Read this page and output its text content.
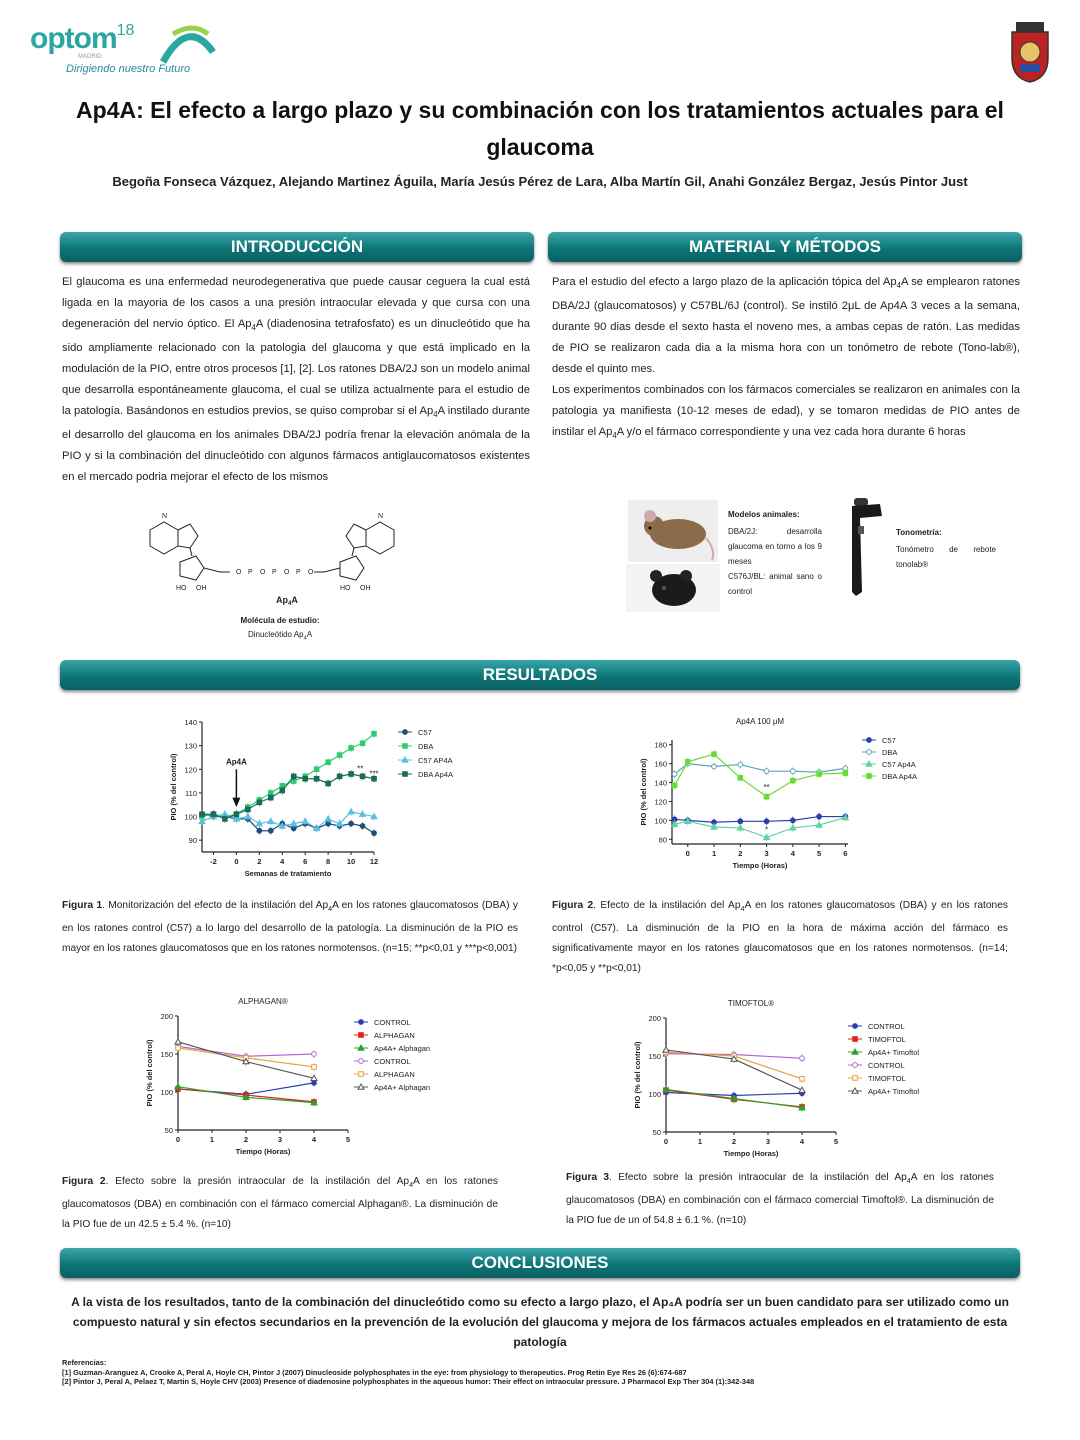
optom18
MADRID
Dirigiendo nuestro Futuro
Ap4A: El efecto a largo plazo y su combinación con los tratamientos actuales para el glaucoma
Begoña Fonseca Vázquez, Alejando Martinez Águila, María Jesús Pérez de Lara, Alba Martín Gil, Anahi González Bergaz, Jesús Pintor Just
INTRODUCCIÓN	MATERIAL Y MÉTODOS
El glaucoma es una enfermedad neurodegenerativa que puede causar ceguera la cual está ligada en la mayoria de los casos a una presión intraocular elevada y que cursa con una degeneración del nervio óptico. El $Ap_4A$ (diadenosina tetrafosfato) es un dinucleótido que ha sido ampliamente relacionado con la patologia del glaucoma y que está implicado en la modulación de la PIO, entre otros procesos [1], [2]. Los ratones DBA/2J son un modelo animal que desarrolla espontáneamente glaucoma, el cual se utiliza actualmente para el estudio de la patología. Basándonos en estudios previos, se quiso comprobar si el $Ap_4A$ instilado durante el desarrollo del glaucoma en los animales DBA/2J podría frenar la elevación anómala de la PIO y si la combinación del dinucleótido con algunos fármacos antiglaucomatosos existentes en el mercado podria mejorar el efecto de los mismos
O P O P O P O
N	N
HO OH	HO OH
$Ap_4A$
Molécula de estudio:
Dinucleótido $Ap_4A$
Para el estudio del efecto a largo plazo de la aplicación tópica del $Ap_4A$ se emplearon ratones DBA/2J (glaucomatosos) y C57BL/6J (control). Se instiló 2μL de Ap4A 3 veces a la semana, durante 90 dias desde el sexto hasta el noveno mes, a ambas cepas de ratón. Las medidas de PIO se realizaron cada dia a la misma hora con un tonómetro de rebote (Tono-lab®), desde el quinto mes.
Los experimentos combinados con los fármacos comerciales se realizaron en animales con la patologia ya manifiesta (10-12 meses de edad), y se tomaron medidas de PIO antes de instilar el $Ap_4A$ y/o el fármaco correspondiente y una vez cada hora durante 6 horas
Modelos animales:
DBA/2J: desarrolla glaucoma en torno a los 9 meses
C576J/BL: animal sano o control
Tonometría:
Tonómetro de rebote tonolab®
RESULTADOS
90
100
110
120
130
140
-2 0	2	4	6	8 10 12
Semanas de tratamiento
PIO (% del control)
C57
DBA
C57 AP4A
DBA Ap4A
**
***
Ap4A
80
100
120
140
160
180
0	1	2	3	4	5	6
Tiempo (Horas)
PIO (% del control)
Ap4A 100 μM
C57
DBA
C57 Ap4A
DBA Ap4A
**
*
50
100
150
200
0	1	2	3	4	5
Tiempo (Horas)
PIO (% del control)
ALPHAGAN®
CONTROL
ALPHAGAN
Ap4A+ Alphagan
CONTROL
ALPHAGAN
Ap4A+ Alphagan
50
100
150
200
0	1	2	3	4	5
Tiempo (Horas)
PIO (% del control)
TIMOFTOL®
CONTROL
TIMOFTOL
Ap4A+ Timoftol
CONTROL
TIMOFTOL
Ap4A+ Timoftol
Figura 1. Monitorización del efecto de la instilación del $Ap_4A$ en los ratones glaucomatosos (DBA) y en los ratones control (C57) a lo largo del desarrollo de la patología. La disminución de la PIO es mayor en los ratones glaucomatosos que en los ratones normotensos. (n=15; **p<0,01 y ***p<0,001)
Figura 2. Efecto de la instilación del $Ap_4A$ en los ratones glaucomatosos (DBA) y en los ratones control (C57). La disminución de la PIO en la hora de máxima acción del fármaco es significativamente mayor en los ratones glaucomatosos que en los ratones normotensos. (n=14; *p<0,05 y **p<0,01)
Figura 2. Efecto sobre la presión intraocular de la instilación del $Ap_4A$ en los ratones glaucomatosos (DBA) en combinación con el fármaco comercial Alphagan®. La disminución de la PIO fue de un 42.5 ± 5.4 %. (n=10)
Figura 3. Efecto sobre la presión intraocular de la instilación del $Ap_4A$ en los ratones glaucomatosos (DBA) en combinación con el fármaco comercial Timoftol®. La disminución de la PIO fue de un of 54.8 ± 6.1 %. (n=10)
CONCLUSIONES
A la vista de los resultados, tanto de la combinación del dinucleótido como su efecto a largo plazo, el Ap₄A podría ser un buen candidato para ser utilizado como un compuesto natural y sin efectos secundarios en la prevención de la evolución del glaucoma y mejora de los fármacos actuales empleados en el tratamiento de esta patología
Referencias:
[1] Guzman-Aranguez A, Crooke A, Peral A, Hoyle CH, Pintor J (2007) Dinucleoside polyphosphates in the eye: from physiology to therapeutics. Prog Retin Eye Res 26 (6):674-687
[2] Pintor J, Peral A, Pelaez T, Martin S, Hoyle CHV (2003) Presence of diadenosine polyphosphates in the aqueous humor: Their effect on intraocular pressure. J Pharmacol Exp Ther 304 (1):342-348
